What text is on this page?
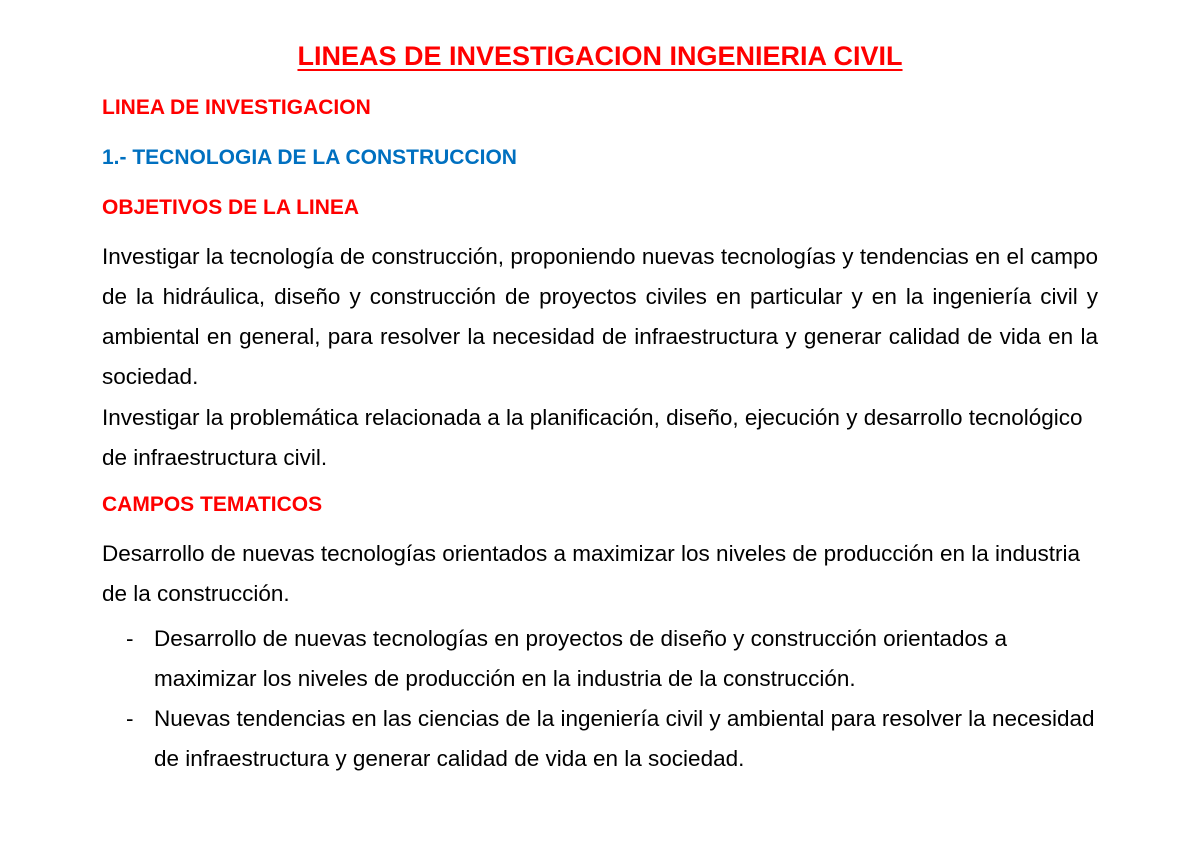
LINEAS DE INVESTIGACION INGENIERIA CIVIL
LINEA DE INVESTIGACION
1.- TECNOLOGIA DE LA CONSTRUCCION
OBJETIVOS DE LA LINEA

Investigar la tecnología de construcción, proponiendo nuevas tecnologías y tendencias en el campo de la hidráulica, diseño y construcción de proyectos civiles en particular y en la ingeniería civil y ambiental en general, para resolver la necesidad de infraestructura y generar calidad de vida en la sociedad.

Investigar la problemática relacionada a la planificación, diseño, ejecución y desarrollo tecnológico de infraestructura civil.

CAMPOS TEMATICOS

Desarrollo de nuevas tecnologías orientados a maximizar los niveles de producción en la industria de la construcción.

- Desarrollo de nuevas tecnologías en proyectos de diseño y construcción orientados a maximizar los niveles de producción en la industria de la construcción.
- Nuevas tendencias en las ciencias de la ingeniería civil y ambiental para resolver la necesidad de infraestructura y generar calidad de vida en la sociedad.
